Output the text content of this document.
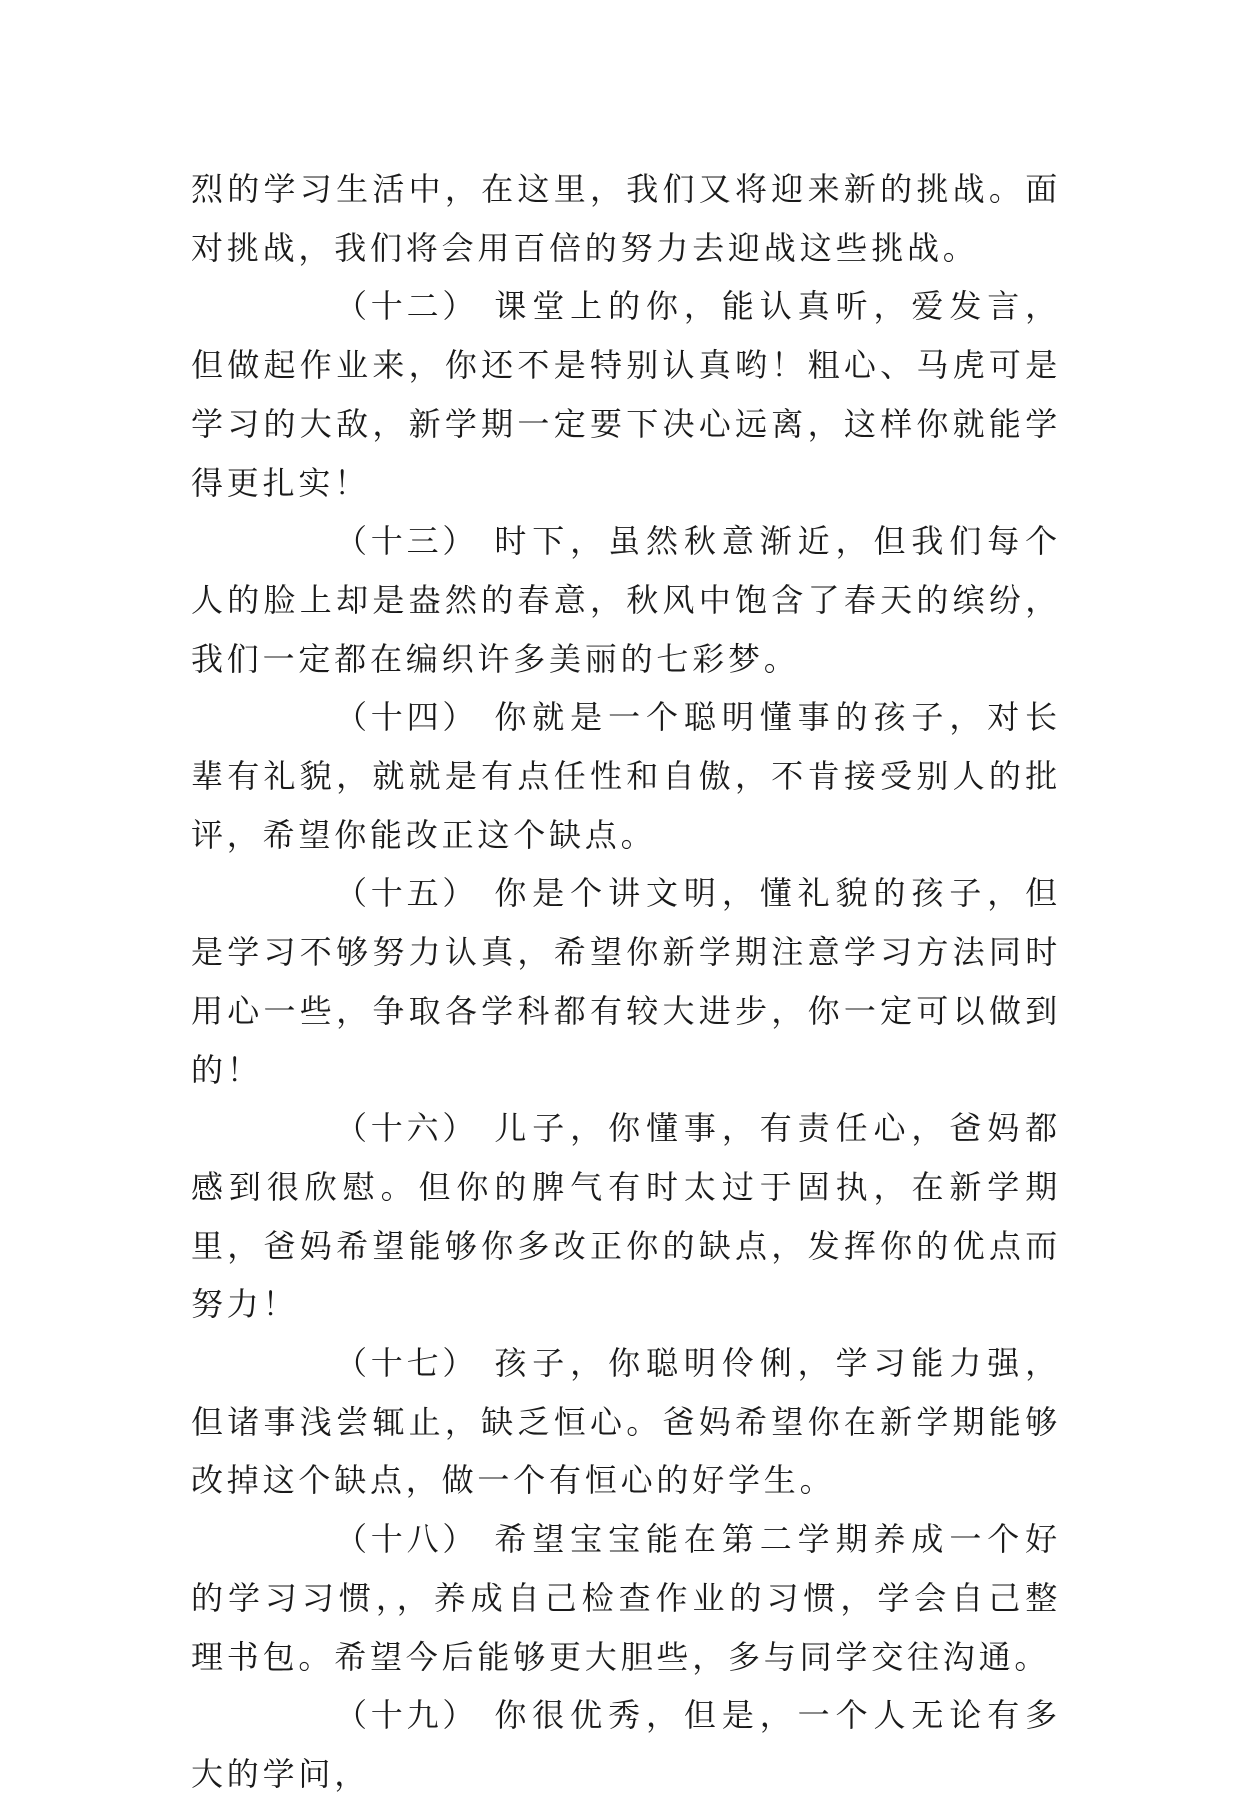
烈的学习生活中，在这里，我们又将迎来新的挑战。面对挑战，我们将会用百倍的努力去迎战这些挑战。

（十二） 课堂上的你，能认真听，爱发言，但做起作业来，你还不是特别认真哟！粗心、马虎可是学习的大敌，新学期一定要下决心远离，这样你就能学得更扎实！

（十三） 时下，虽然秋意渐近，但我们每个人的脸上却是盎然的春意，秋风中饱含了春天的缤纷，我们一定都在编织许多美丽的七彩梦。

（十四） 你就是一个聪明懂事的孩子，对长辈有礼貌，就就是有点任性和自傲，不肯接受别人的批评，希望你能改正这个缺点。

（十五） 你是个讲文明，懂礼貌的孩子，但是学习不够努力认真，希望你新学期注意学习方法同时用心一些，争取各学科都有较大进步，你一定可以做到的！

（十六） 儿子，你懂事，有责任心，爸妈都感到很欣慰。但你的脾气有时太过于固执，在新学期里，爸妈希望能够你多改正你的缺点，发挥你的优点而努力！

（十七） 孩子，你聪明伶俐，学习能力强，但诸事浅尝辄止，缺乏恒心。爸妈希望你在新学期能够改掉这个缺点，做一个有恒心的好学生。

（十八） 希望宝宝能在第二学期养成一个好的学习习惯，，养成自己检查作业的习惯，学会自己整理书包。希望今后能够更大胆些，多与同学交往沟通。

（十九） 你很优秀，但是，一个人无论有多大的学问，
